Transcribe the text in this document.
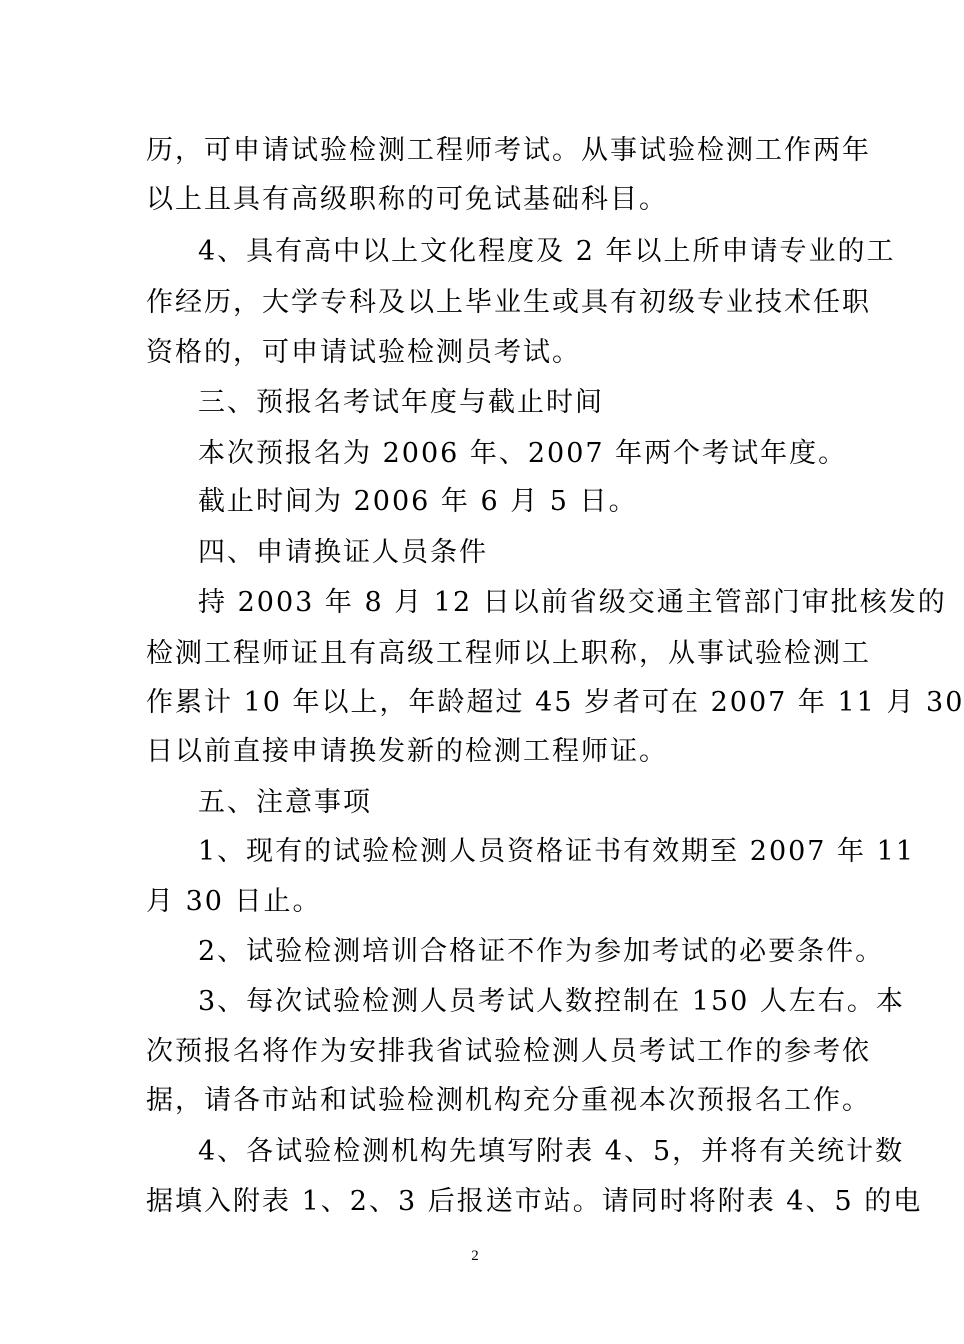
历，可申请试验检测工程师考试。从事试验检测工作两年
以上且具有高级职称的可免试基础科目。
4、具有高中以上文化程度及 2 年以上所申请专业的工
作经历，大学专科及以上毕业生或具有初级专业技术任职
资格的，可申请试验检测员考试。
三、预报名考试年度与截止时间
本次预报名为 2006 年、2007 年两个考试年度。
截止时间为 2006 年 6 月 5 日。
四、申请换证人员条件
持 2003 年 8 月 12 日以前省级交通主管部门审批核发的
检测工程师证且有高级工程师以上职称，从事试验检测工
作累计 10 年以上，年龄超过 45 岁者可在 2007 年 11 月 30
日以前直接申请换发新的检测工程师证。
五、注意事项
1、现有的试验检测人员资格证书有效期至 2007 年 11
月 30 日止。
2、试验检测培训合格证不作为参加考试的必要条件。
3、每次试验检测人员考试人数控制在 150 人左右。本
次预报名将作为安排我省试验检测人员考试工作的参考依
据，请各市站和试验检测机构充分重视本次预报名工作。
4、各试验检测机构先填写附表 4、5，并将有关统计数
据填入附表 1、2、3 后报送市站。请同时将附表 4、5 的电
2
